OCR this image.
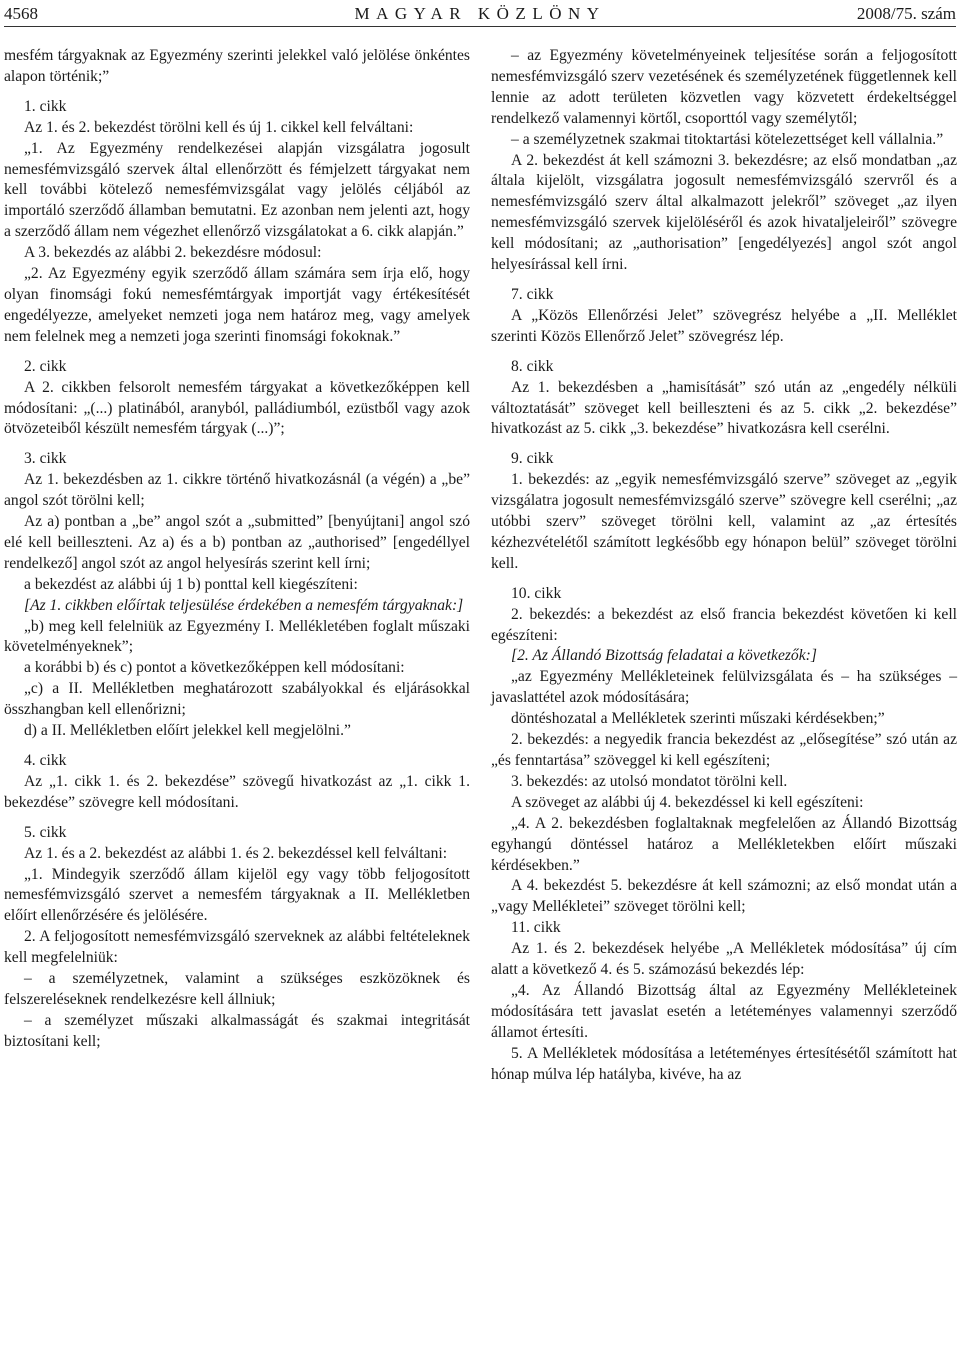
4568	MAGYAR KÖZLÖNY	2008/75. szám

mesfém tárgyaknak az Egyezmény szerinti jelekkel való jelölése önkéntes alapon történik;”

1. cikk

Az 1. és 2. bekezdést törölni kell és új 1. cikkel kell felváltani:

„1. Az Egyezmény rendelkezései alapján vizsgálatra jogosult nemesfémvizsgáló szervek által ellenőrzött és fémjelzett tárgyakat nem kell további kötelező nemesfémvizsgálat vagy jelölés céljából az importáló szerződő államban bemutatni. Ez azonban nem jelenti azt, hogy a szerződő állam nem végezhet ellenőrző vizsgálatokat a 6. cikk alapján.”

A 3. bekezdés az alábbi 2. bekezdésre módosul:

„2. Az Egyezmény egyik szerződő állam számára sem írja elő, hogy olyan finomsági fokú nemesfémtárgyak importját vagy értékesítését engedélyezze, amelyeket nemzeti joga nem határoz meg, vagy amelyek nem felelnek meg a nemzeti joga szerinti finomsági fokoknak.”

2. cikk

A 2. cikkben felsorolt nemesfém tárgyakat a következőképpen kell módosítani: „(...) platinából, aranyból, palládiumból, ezüstből vagy azok ötvözeteiből készült nemesfém tárgyak (...)”;

3. cikk

Az 1. bekezdésben az 1. cikkre történő hivatkozásnál (a végén) a „be” angol szót törölni kell;

Az a) pontban a „be” angol szót a „submitted” [benyújtani] angol szó elé kell beilleszteni. Az a) és a b) pontban az „authorised” [engedéllyel rendelkező] angol szót az angol helyesírás szerint kell írni;

a bekezdést az alábbi új 1 b) ponttal kell kiegészíteni:

[Az 1. cikkben előírtak teljesülése érdekében a nemesfém tárgyaknak:]

„b) meg kell felelniük az Egyezmény I. Mellékletében foglalt műszaki követelményeknek”;

a korábbi b) és c) pontot a következőképpen kell módosítani:

„c) a II. Mellékletben meghatározott szabályokkal és eljárásokkal összhangban kell ellenőrizni;

d) a II. Mellékletben előírt jelekkel kell megjelölni.”

4. cikk

Az „1. cikk 1. és 2. bekezdése” szövegű hivatkozást az „1. cikk 1. bekezdése” szövegre kell módosítani.

5. cikk

Az 1. és a 2. bekezdést az alábbi 1. és 2. bekezdéssel kell felváltani:

„1. Mindegyik szerződő állam kijelöl egy vagy több feljogosított nemesfémvizsgáló szervet a nemesfém tárgyaknak a II. Mellékletben előírt ellenőrzésére és jelölésére.

2. A feljogosított nemesfémvizsgáló szerveknek az alábbi feltételeknek kell megfelelniük:

– a személyzetnek, valamint a szükséges eszközöknek és felszereléseknek rendelkezésre kell állniuk;

– a személyzet műszaki alkalmasságát és szakmai integritását biztosítani kell;

– az Egyezmény követelményeinek teljesítése során a feljogosított nemesfémvizsgáló szerv vezetésének és személyzetének függetlennek kell lennie az adott területen közvetlen vagy közvetett érdekeltséggel rendelkező valamennyi körtől, csoporttól vagy személytől;

– a személyzetnek szakmai titoktartási kötelezettséget kell vállalnia.”

A 2. bekezdést át kell számozni 3. bekezdésre; az első mondatban „az általa kijelölt, vizsgálatra jogosult nemesfémvizsgáló szervről és a nemesfémvizsgáló szerv által alkalmazott jelekről” szöveget „az ilyen nemesfémvizsgáló szervek kijelöléséről és azok hivataljeleiről” szövegre kell módosítani; az „authorisation” [engedélyezés] angol szót angol helyesírással kell írni.

7. cikk

A „Közös Ellenőrzési Jelet” szövegrész helyébe a „II. Melléklet szerinti Közös Ellenőrző Jelet” szövegrész lép.

8. cikk

Az 1. bekezdésben a „hamisítását” szó után az „engedély nélküli változtatását” szöveget kell beilleszteni és az 5. cikk „2. bekezdése” hivatkozást az 5. cikk „3. bekezdése” hivatkozásra kell cserélni.

9. cikk

1. bekezdés: az „egyik nemesfémvizsgáló szerve” szöveget az „egyik vizsgálatra jogosult nemesfémvizsgáló szerve” szövegre kell cserélni; „az utóbbi szerv” szöveget törölni kell, valamint az „az értesítés kézhezvételétől számított legkésőbb egy hónapon belül” szöveget törölni kell.

10. cikk

2. bekezdés: a bekezdést az első francia bekezdést követően ki kell egészíteni:

[2. Az Állandó Bizottság feladatai a következők:]

„az Egyezmény Mellékleteinek felülvizsgálata és – ha szükséges – javaslattétel azok módosítására;

döntéshozatal a Mellékletek szerinti műszaki kérdésekben;”

2. bekezdés: a negyedik francia bekezdést az „elősegítése” szó után az „és fenntartása” szöveggel ki kell egészíteni;

3. bekezdés: az utolsó mondatot törölni kell.

A szöveget az alábbi új 4. bekezdéssel ki kell egészíteni:

„4. A 2. bekezdésben foglaltaknak megfelelően az Állandó Bizottság egyhangú döntéssel határoz a Mellékletekben előírt műszaki kérdésekben.”

A 4. bekezdést 5. bekezdésre át kell számozni; az első mondat után a „vagy Mellékletei” szöveget törölni kell;

11. cikk

Az 1. és 2. bekezdések helyébe „A Mellékletek módosítása” új cím alatt a következő 4. és 5. számozású bekezdés lép:

„4. Az Állandó Bizottság által az Egyezmény Mellékleteinek módosítására tett javaslat esetén a letéteményes valamennyi szerződő államot értesíti.

5. A Mellékletek módosítása a letéteményes értesítésétől számított hat hónap múlva lép hatályba, kivéve, ha az
